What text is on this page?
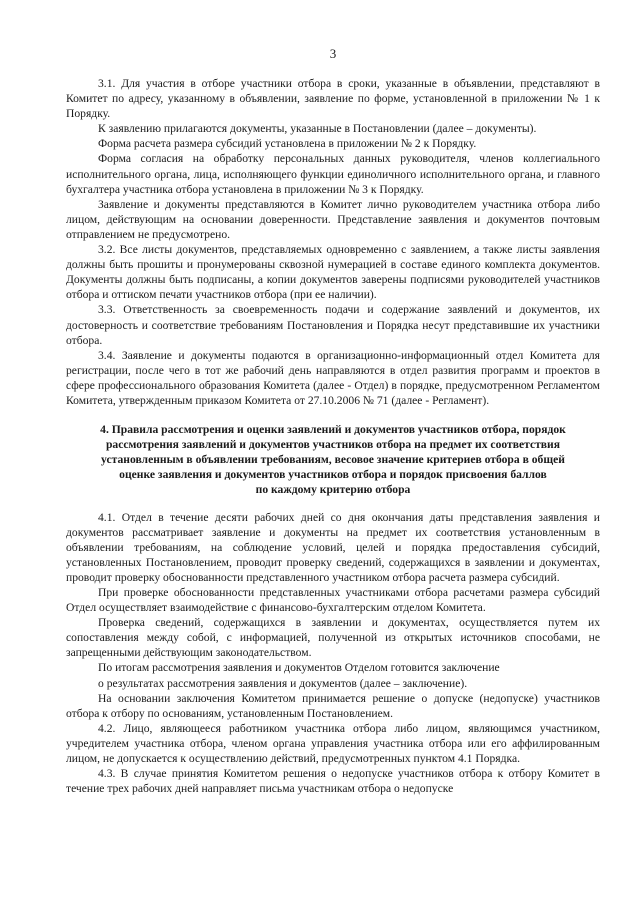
3

3.1. Для участия в отборе участники отбора в сроки, указанные в объявлении, представляют в Комитет по адресу, указанному в объявлении, заявление по форме, установленной в приложении № 1 к Порядку.

К заявлению прилагаются документы, указанные в Постановлении (далее – документы).

Форма расчета размера субсидий установлена в приложении № 2 к Порядку.

Форма согласия на обработку персональных данных руководителя, членов коллегиального исполнительного органа, лица, исполняющего функции единоличного исполнительного органа, и главного бухгалтера участника отбора установлена в приложении № 3 к Порядку.

Заявление и документы представляются в Комитет лично руководителем участника отбора либо лицом, действующим на основании доверенности. Представление заявления и документов почтовым отправлением не предусмотрено.

3.2. Все листы документов, представляемых одновременно с заявлением, а также листы заявления должны быть прошиты и пронумерованы сквозной нумерацией в составе единого комплекта документов. Документы должны быть подписаны, а копии документов заверены подписями руководителей участников отбора и оттиском печати участников отбора (при ее наличии).

3.3. Ответственность за своевременность подачи и содержание заявлений и документов, их достоверность и соответствие требованиям Постановления и Порядка несут представившие их участники отбора.

3.4. Заявление и документы подаются в организационно-информационный отдел Комитета для регистрации, после чего в тот же рабочий день направляются в отдел развития программ и проектов в сфере профессионального образования Комитета (далее - Отдел) в порядке, предусмотренном Регламентом Комитета, утвержденным приказом Комитета от 27.10.2006 № 71 (далее - Регламент).

4. Правила рассмотрения и оценки заявлений и документов участников отбора, порядок
рассмотрения заявлений и документов участников отбора на предмет их соответствия
установленным в объявлении требованиям, весовое значение критериев отбора в общей
оценке заявления и документов участников отбора и порядок присвоения баллов
по каждому критерию отбора

4.1. Отдел в течение десяти рабочих дней со дня окончания даты представления заявления и документов рассматривает заявление и документы на предмет их соответствия установленным в объявлении требованиям, на соблюдение условий, целей и порядка предоставления субсидий, установленных Постановлением, проводит проверку сведений, содержащихся в заявлении и документах, проводит проверку обоснованности представленного участником отбора расчета размера субсидий.

При проверке обоснованности представленных участниками отбора расчетами размера субсидий Отдел осуществляет взаимодействие с финансово-бухгалтерским отделом Комитета.

Проверка сведений, содержащихся в заявлении и документах, осуществляется путем их сопоставления между собой, с информацией, полученной из открытых источников способами, не запрещенными действующим законодательством.

По итогам рассмотрения заявления и документов Отделом готовится заключение

о результатах рассмотрения заявления и документов (далее – заключение).

На основании заключения Комитетом принимается решение о допуске (недопуске) участников отбора к отбору по основаниям, установленным Постановлением.

4.2. Лицо, являющееся работником участника отбора либо лицом, являющимся участником, учредителем участника отбора, членом органа управления участника отбора или его аффилированным лицом, не допускается к осуществлению действий, предусмотренных пунктом 4.1 Порядка.

4.3. В случае принятия Комитетом решения о недопуске участников отбора к отбору Комитет в течение трех рабочих дней направляет письма участникам отбора о недопуске
